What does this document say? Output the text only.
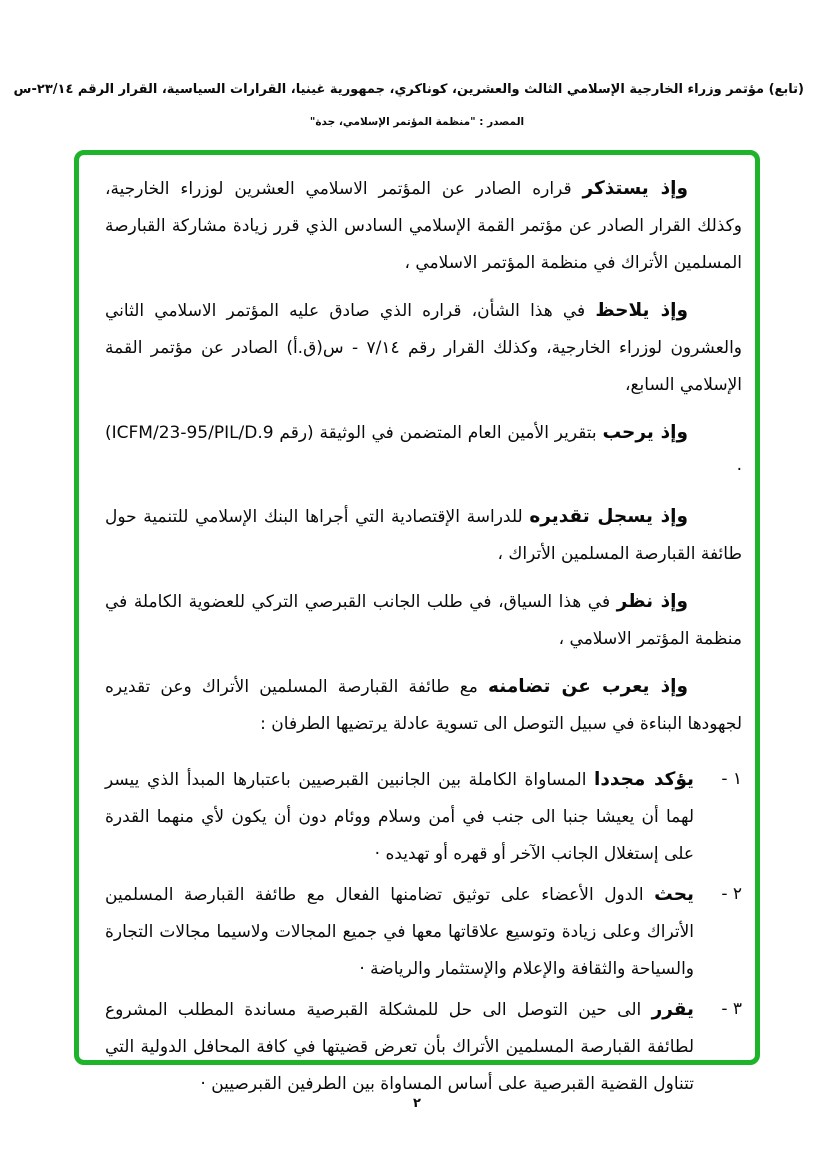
(تابع) مؤتمر وزراء الخارجية الإسلامي الثالث والعشرين، كوناكري، جمهورية غينيا، القرارات السياسية، القرار الرقم ٢٣/١٤-س
المصدر : "منظمة المؤتمر الإسلامي، جدة"

وإذ يستذكر قراره الصادر عن المؤتمر الاسلامي العشرين لوزراء الخارجية، وكذلك القرار الصادر عن مؤتمر القمة الإسلامي السادس الذي قرر زيادة مشاركة القبارصة المسلمين الأتراك في منظمة المؤتمر الاسلامي ،

وإذ يلاحظ في هذا الشأن، قراره الذي صادق عليه المؤتمر الاسلامي الثاني والعشرون لوزراء الخارجية، وكذلك القرار رقم ٧/١٤ - س(ق.أ) الصادر عن مؤتمر القمة الإسلامي السابع،

وإذ يرحب بتقرير الأمين العام المتضمن في الوثيقة (رقم ICFM/23-95/PIL/D.9) ·

وإذ يسجل تقديره للدراسة الإقتصادية التي أجراها البنك الإسلامي للتنمية حول طائفة القبارصة المسلمين الأتراك ،

وإذ نظر في هذا السياق، في طلب الجانب القبرصي التركي للعضوية الكاملة في منظمة المؤتمر الاسلامي ،

وإذ يعرب عن تضامنه مع طائفة القبارصة المسلمين الأتراك وعن تقديره لجهودها البناءة في سبيل التوصل الى تسوية عادلة يرتضيها الطرفان :

١ -
يؤكد مجددا المساواة الكاملة بين الجانبين القبرصيين باعتبارها المبدأ الذي ييسر لهما أن يعيشا جنبا الى جنب في أمن وسلام ووئام دون أن يكون لأي منهما القدرة على إستغلال الجانب الآخر أو قهره أو تهديده ·
٢ -
يحث الدول الأعضاء على توثيق تضامنها الفعال مع طائفة القبارصة المسلمين الأتراك وعلى زيادة وتوسيع علاقاتها معها في جميع المجالات ولاسيما مجالات التجارة والسياحة والثقافة والإعلام والإستثمار والرياضة ·
٣ -
يقرر الى حين التوصل الى حل للمشكلة القبرصية مساندة المطلب المشروع لطائفة القبارصة المسلمين الأتراك بأن تعرض قضيتها في كافة المحافل الدولية التي تتناول القضية القبرصية على أساس المساواة بين الطرفين القبرصيين ·
٢
